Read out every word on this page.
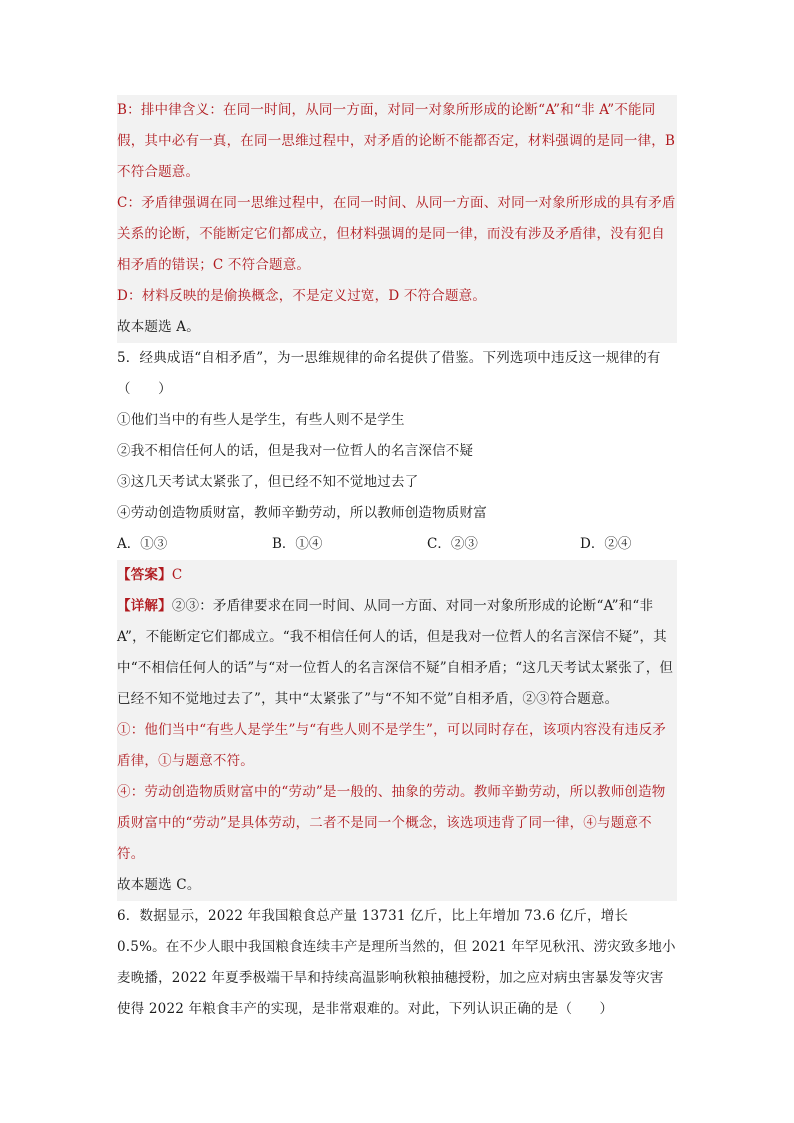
B：排中律含义：在同一时间，从同一方面，对同一对象所形成的论断“A”和“非 A”不能同假，其中必有一真，在同一思维过程中，对矛盾的论断不能都否定，材料强调的是同一律，B 不符合题意。

C：矛盾律强调在同一思维过程中，在同一时间、从同一方面、对同一对象所形成的具有矛盾关系的论断，不能断定它们都成立，但材料强调的是同一律，而没有涉及矛盾律，没有犯自相矛盾的错误；C 不符合题意。

D：材料反映的是偷换概念，不是定义过宽，D 不符合题意。

故本题选 A。

5．经典成语“自相矛盾”，为一思维规律的命名提供了借鉴。下列选项中违反这一规律的有（　　）

①他们当中的有些人是学生，有些人则不是学生

②我不相信任何人的话，但是我对一位哲人的名言深信不疑

③这几天考试太紧张了，但已经不知不觉地过去了

④劳动创造物质财富，教师辛勤劳动，所以教师创造物质财富

A．①③	B．①④	C．②③	D．②④

【答案】C

【详解】②③：矛盾律要求在同一时间、从同一方面、对同一对象所形成的论断“A”和“非A”，不能断定它们都成立。“我不相信任何人的话，但是我对一位哲人的名言深信不疑”，其中“不相信任何人的话”与“对一位哲人的名言深信不疑”自相矛盾；“这几天考试太紧张了，但已经不知不觉地过去了”，其中“太紧张了”与“不知不觉”自相矛盾，②③符合题意。

①：他们当中“有些人是学生”与“有些人则不是学生”，可以同时存在，该项内容没有违反矛盾律，①与题意不符。

④：劳动创造物质财富中的“劳动”是一般的、抽象的劳动。教师辛勤劳动，所以教师创造物质财富中的“劳动”是具体劳动，二者不是同一个概念，该选项违背了同一律，④与题意不符。

故本题选 C。

6．数据显示，2022 年我国粮食总产量 13731 亿斤，比上年增加 73.6 亿斤，增长 0.5%。在不少人眼中我国粮食连续丰产是理所当然的，但 2021 年罕见秋汛、涝灾致多地小麦晚播，2022 年夏季极端干旱和持续高温影响秋粮抽穗授粉，加之应对病虫害暴发等灾害使得 2022 年粮食丰产的实现，是非常艰难的。对此，下列认识正确的是（　　）
